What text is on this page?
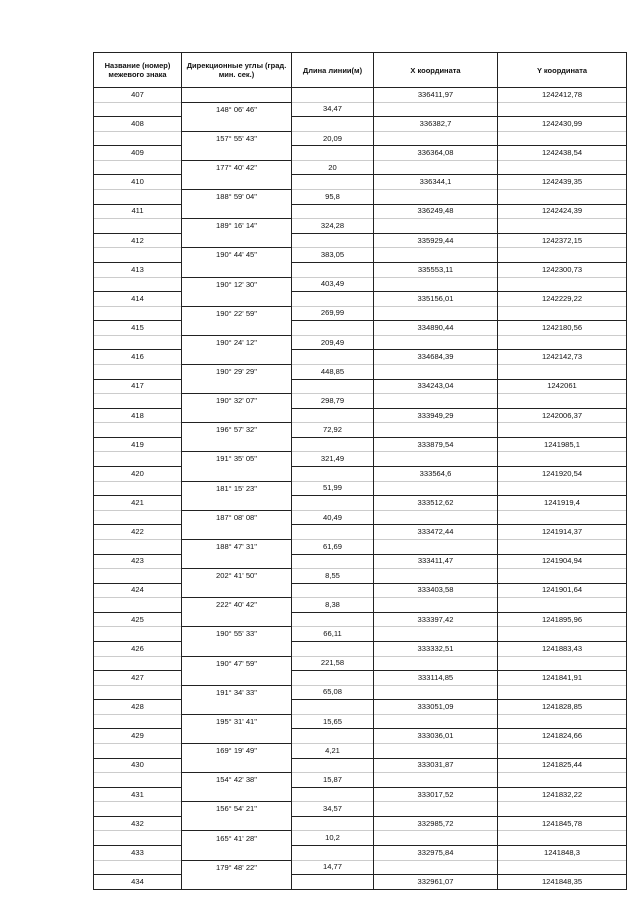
Название (номер) межевого знака	Дирекционные углы (град. мин. сек.)	Длина линии(м)	X координата	Y координата
407			336411,97	1242412,78
	148° 06' 46"	34,47		
408			336382,7	1242430,99
	157° 55' 43"	20,09		
409			336364,08	1242438,54
	177° 40' 42"	20		
410			336344,1	1242439,35
	188° 59' 04"	95,8		
411			336249,48	1242424,39
	189° 16' 14"	324,28		
412			335929,44	1242372,15
	190° 44' 45"	383,05		
413			335553,11	1242300,73
	190° 12' 30"	403,49		
414			335156,01	1242229,22
	190° 22' 59"	269,99		
415			334890,44	1242180,56
	190° 24' 12"	209,49		
416			334684,39	1242142,73
	190° 29' 29"	448,85		
417			334243,04	1242061
	190° 32' 07"	298,79		
418			333949,29	1242006,37
	196° 57' 32"	72,92		
419			333879,54	1241985,1
	191° 35' 05"	321,49		
420			333564,6	1241920,54
	181° 15' 23"	51,99		
421			333512,62	1241919,4
	187° 08' 08"	40,49		
422			333472,44	1241914,37
	188° 47' 31"	61,69		
423			333411,47	1241904,94
	202° 41' 50"	8,55		
424			333403,58	1241901,64
	222° 40' 42"	8,38		
425			333397,42	1241895,96
	190° 55' 33"	66,11		
426			333332,51	1241883,43
	190° 47' 59"	221,58		
427			333114,85	1241841,91
	191° 34' 33"	65,08		
428			333051,09	1241828,85
	195° 31' 41"	15,65		
429			333036,01	1241824,66
	169° 19' 49"	4,21		
430			333031,87	1241825,44
	154° 42' 38"	15,87		
431			333017,52	1241832,22
	156° 54' 21"	34,57		
432			332985,72	1241845,78
	165° 41' 28"	10,2		
433			332975,84	1241848,3
	179° 48' 22"	14,77		
434			332961,07	1241848,35
